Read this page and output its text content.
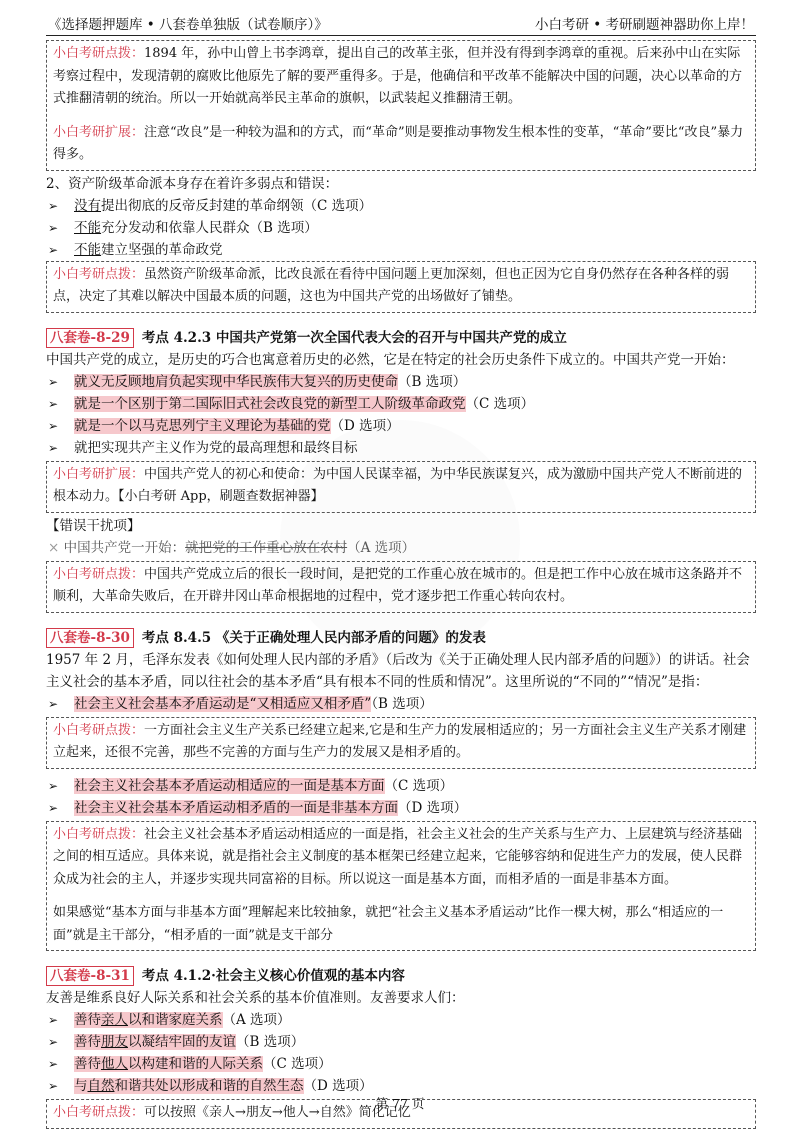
《选择题押题库 • 八套卷单独版（试卷顺序）》	小白考研 • 考研刷题神器助你上岸！

小白考研点拨：1894 年，孙中山曾上书李鸿章，提出自己的改革主张，但并没有得到李鸿章的重视。后来孙中山在实际考察过程中，发现清朝的腐败比他原先了解的要严重得多。于是，他确信和平改革不能解决中国的问题，决心以革命的方式推翻清朝的统治。所以一开始就高举民主革命的旗帜，以武装起义推翻清王朝。

小白考研扩展：注意“改良”是一种较为温和的方式，而“革命”则是要推动事物发生根本性的变革，“革命”要比“改良”暴力得多。

2、资产阶级革命派本身存在着许多弱点和错误：
➢	没有提出彻底的反帝反封建的革命纲领（C 选项）
➢	不能充分发动和依靠人民群众（B 选项）
➢	不能建立坚强的革命政党

小白考研点拨：虽然资产阶级革命派，比改良派在看待中国问题上更加深刻，但也正因为它自身仍然存在各种各样的弱点，决定了其难以解决中国最本质的问题，这也为中国共产党的出场做好了铺垫。

八套卷-8-29 考点 4.2.3 中国共产党第一次全国代表大会的召开与中国共产党的成立
中国共产党的成立，是历史的巧合也寓意着历史的必然，它是在特定的社会历史条件下成立的。中国共产党一开始：
➢	就义无反顾地肩负起实现中华民族伟大复兴的历史使命（B 选项）
➢	就是一个区别于第二国际旧式社会改良党的新型工人阶级革命政党（C 选项）
➢	就是一个以马克思列宁主义理论为基础的党（D 选项）
➢	就把实现共产主义作为党的最高理想和最终目标

小白考研扩展：中国共产党人的初心和使命：为中国人民谋幸福，为中华民族谋复兴，成为激励中国共产党人不断前进的根本动力。【小白考研 App，刷题查数据神器】

【错误干扰项】
× 中国共产党一开始：就把党的工作重心放在农村（A 选项）

小白考研点拨：中国共产党成立后的很长一段时间，是把党的工作重心放在城市的。但是把工作中心放在城市这条路并不顺利，大革命失败后，在开辟井冈山革命根据地的过程中，党才逐步把工作重心转向农村。

八套卷-8-30 考点 8.4.5 《关于正确处理人民内部矛盾的问题》的发表
1957 年 2 月，毛泽东发表《如何处理人民内部的矛盾》（后改为《关于正确处理人民内部矛盾的问题》）的讲话。社会主义社会的基本矛盾，同以往社会的基本矛盾“具有根本不同的性质和情况”。这里所说的“不同的”“情况”是指：
➢	社会主义社会基本矛盾运动是“又相适应又相矛盾”（B 选项）

小白考研点拨：一方面社会主义生产关系已经建立起来,它是和生产力的发展相适应的；另一方面社会主义生产关系才刚建立起来，还很不完善，那些不完善的方面与生产力的发展又是相矛盾的。

➢	社会主义社会基本矛盾运动相适应的一面是基本方面（C 选项）
➢	社会主义社会基本矛盾运动相矛盾的一面是非基本方面（D 选项）

小白考研点拨：社会主义社会基本矛盾运动相适应的一面是指，社会主义社会的生产关系与生产力、上层建筑与经济基础之间的相互适应。具体来说，就是指社会主义制度的基本框架已经建立起来，它能够容纳和促进生产力的发展，使人民群众成为社会的主人，并逐步实现共同富裕的目标。所以说这一面是基本方面，而相矛盾的一面是非基本方面。

如果感觉“基本方面与非基本方面”理解起来比较抽象，就把“社会主义基本矛盾运动”比作一棵大树，那么“相适应的一面”就是主干部分，“相矛盾的一面”就是支干部分

八套卷-8-31 考点 4.1.2·社会主义核心价值观的基本内容
友善是维系良好人际关系和社会关系的基本价值准则。友善要求人们：
➢	善待亲人以和谐家庭关系（A 选项）
➢	善待朋友以凝结牢固的友谊（B 选项）
➢	善待他人以构建和谐的人际关系（C 选项）
➢	与自然和谐共处以形成和谐的自然生态（D 选项）

小白考研点拨：可以按照《亲人→朋友→他人→自然》简化记忆

第 77 页
